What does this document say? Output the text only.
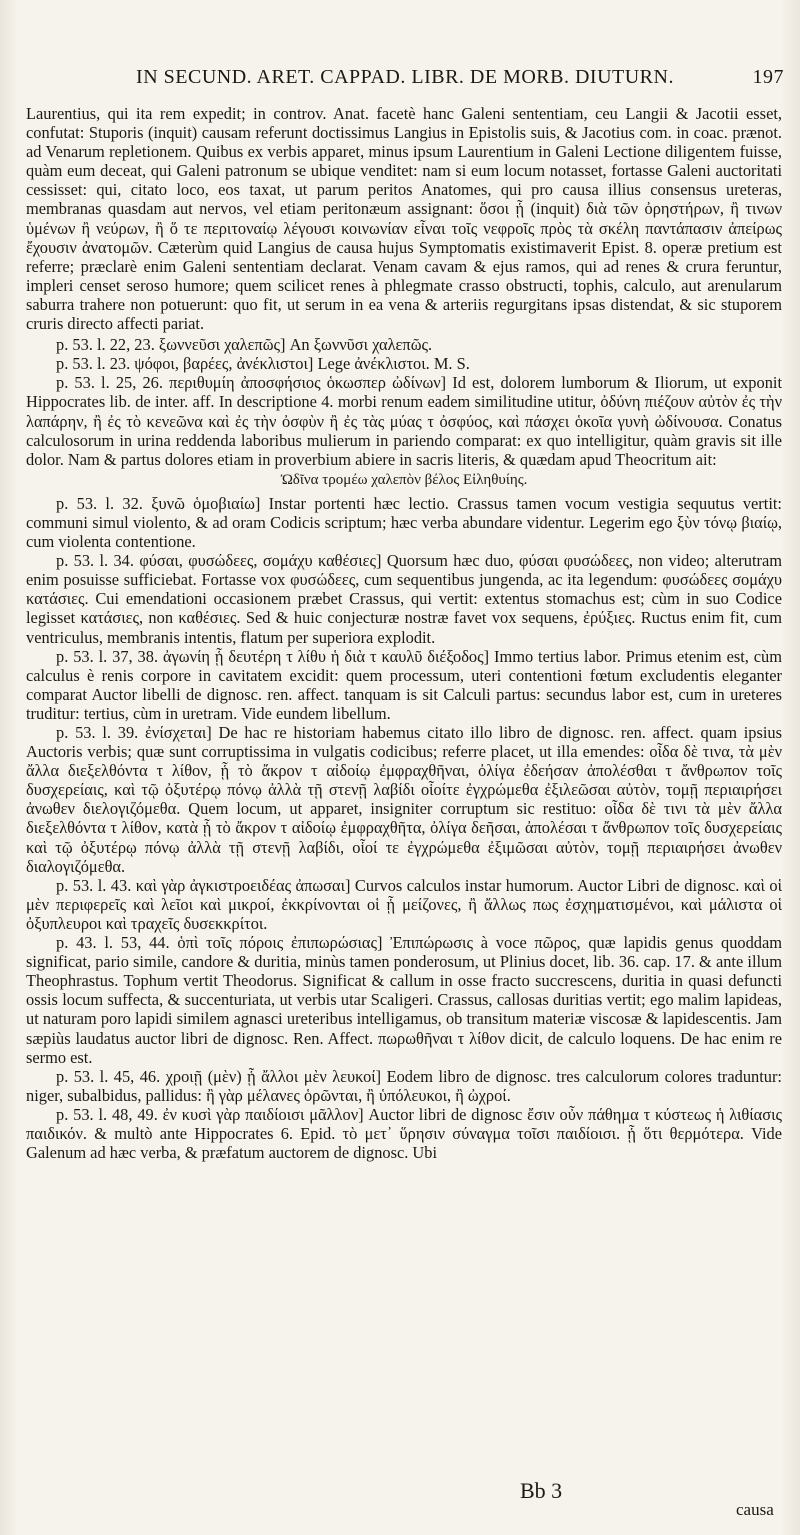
IN SECUND. ARET. CAPPAD. LIBR. DE MORB. DIUTURN.	197

Laurentius, qui ita rem expedit; in controv. Anat. facetè hanc Galeni sententiam, ceu Langii & Jacotii esset, confutat: Stuporis (inquit) causam referunt doctissimus Langius in Epistolis suis, & Jacotius com. in coac. prænot. ad Venarum repletionem. Quibus ex verbis apparet, minus ipsum Laurentium in Galeni Lectione diligentem fuisse, quàm eum deceat, qui Galeni patronum se ubique venditet: nam si eum locum notasset, fortasse Galeni auctoritati cessisset: qui, citato loco, eos taxat, ut parum peritos Anatomes, qui pro causa illius consensus ureteras, membranas quasdam aut nervos, vel etiam peritonæum assignant: ὅσοι ᾗ (inquit) διὰ τῶν ὀρηστήρων, ἢ τινων ὑμένων ἢ νεύρων, ἢ ὅ τε περιτοναίῳ λέγουσι κοινωνίαν εἶναι τοῖς νεφροῖς πρὸς τὰ σκέλη παντάπασιν ἀπείρως ἔχουσιν ἀνατομῶν. Cæterùm quid Langius de causa hujus Symptomatis existimaverit Epist. 8. operæ pretium est referre; præclarè enim Galeni sententiam declarat. Venam cavam & ejus ramos, qui ad renes & crura feruntur, impleri censet seroso humore; quem scilicet renes à phlegmate crasso obstructi, tophis, calculo, aut arenularum saburra trahere non potuerunt: quo fit, ut serum in ea vena & arteriis regurgitans ipsas distendat, & sic stuporem cruris directo affecti pariat.

p. 53. l. 22, 23. ξωννεῦσι χαλεπῶς] An ξωννῦσι χαλεπῶς.

p. 53. l. 23. ψόφοι, βαρέες, ἀνέκλιστοι] Lege ἀνέκλιστοι. M. S.

p. 53. l. 25, 26. περιθυμίη ἀποσφήσιος ὁκωσπερ ὠδίνων] Id est, dolorem lumborum & Iliorum, ut exponit Hippocrates lib. de inter. aff. In descriptione 4. morbi renum eadem similitudine utitur, ὀδύνη πιέζουν αὐτὸν ἐς τὴν λαπάρην, ἢ ἐς τὸ κενεῶνα καὶ ἐς τὴν ὀσφὺν ἢ ἐς τὰς μύας τ ὀσφύος, καὶ πάσχει ὁκοῖα γυνὴ ὠδίνουσα. Conatus calculosorum in urina reddenda laboribus mulierum in pariendo comparat: ex quo intelligitur, quàm gravis sit ille dolor. Nam & partus dolores etiam in proverbium abiere in sacris literis, & quædam apud Theocritum ait:

Ὠδῖνα τρομέω χαλεπὸν βέλος Εἰληθυίης.

p. 53. l. 32. ξυνῶ ὁμοβιαίω] Instar portenti hæc lectio. Crassus tamen vocum vestigia sequutus vertit: communi simul violento, & ad oram Codicis scriptum; hæc verba abundare videntur. Legerim ego ξὺν τόνῳ βιαίῳ, cum violenta contentione.

p. 53. l. 34. φύσαι, φυσώδεες, σομάχυ καθέσιες] Quorsum hæc duo, φύσαι φυσώδεες, non video; alterutram enim posuisse sufficiebat. Fortasse vox φυσώδεες, cum sequentibus jungenda, ac ita legendum: φυσώδεες σομάχυ κατάσιες. Cui emendationi occasionem præbet Crassus, qui vertit: extentus stomachus est; cùm in suo Codice legisset κατάσιες, non καθέσιες. Sed & huic conjecturæ nostræ favet vox sequens, ἐρύξιες. Ructus enim fit, cum ventriculus, membranis intentis, flatum per superiora explodit.

p. 53. l. 37, 38. ἀγωνίη ᾗ δευτέρη τ λίθυ ἡ διὰ τ καυλῦ διέξοδος] Immo tertius labor. Primus etenim est, cùm calculus è renis corpore in cavitatem excidit: quem processum, uteri contentioni fœtum excludentis eleganter comparat Auctor libelli de dignosc. ren. affect. tanquam is sit Calculi partus: secundus labor est, cum in ureteres truditur: tertius, cùm in uretram. Vide eundem libellum.

p. 53. l. 39. ἐνίσχεται] De hac re historiam habemus citato illo libro de dignosc. ren. affect. quam ipsius Auctoris verbis; quæ sunt corruptissima in vulgatis codicibus; referre placet, ut illa emendes: οἶδα δὲ τινα, τὰ μὲν ἄλλα διεξελθόντα τ λίθον, ᾗ τὸ ἄκρον τ αἰδοίῳ ἐμφραχθῆναι, ὀλίγα ἐδεήσαν ἀπολέσθαι τ ἄνθρωπον τοῖς δυσχερείαις, καὶ τῷ ὀξυτέρῳ πόνῳ ἀλλὰ τῇ στενῇ λαβίδι οἷοίτε ἐγχρώμεθα ἐξιλεῶσαι αὐτὸν, τομῇ περιαιρήσει ἀνωθεν διελογιζόμεθα. Quem locum, ut apparet, insigniter corruptum sic restituo: οἶδα δὲ τινι τὰ μὲν ἄλλα διεξελθόντα τ λίθον, κατὰ ᾗ τὸ ἄκρον τ αἰδοίῳ ἐμφραχθῆτα, ὀλίγα δεῆσαι, ἀπολέσαι τ ἄνθρωπον τοῖς δυσχερείαις καὶ τῷ ὀξυτέρῳ πόνῳ ἀλλὰ τῇ στενῇ λαβίδι, οἷοί τε ἐγχρώμεθα ἐξιμῶσαι αὐτὸν, τομῇ περιαιρήσει ἀνωθεν διαλογιζόμεθα.

p. 53. l. 43. καὶ γὰρ ἀγκιστροειδέας ἀπωσαι] Curvos calculos instar humorum. Auctor Libri de dignosc. καὶ οἱ μὲν περιφερεῖς καὶ λεῖοι καὶ μικροί, ἐκκρίνονται οἱ ᾗ μείζονες, ἢ ἄλλως πως ἐσχηματισμένοι, καὶ μάλιστα οἱ ὀξυπλευροι καὶ τραχεῖς δυσεκκρίτοι.

p. 43. l. 53, 44. ὁπὶ τοῖς πόροις ἐπιπωρώσιας] Ἐπιπώρωσις à voce πῶρος, quæ lapidis genus quoddam significat, pario simile, candore & duritia, minùs tamen ponderosum, ut Plinius docet, lib. 36. cap. 17. & ante illum Theophrastus. Tophum vertit Theodorus. Significat & callum in osse fracto succrescens, duritia in quasi defuncti ossis locum suffecta, & succenturiata, ut verbis utar Scaligeri. Crassus, callosas duritias vertit; ego malim lapideas, ut naturam poro lapidi similem agnasci ureteribus intelligamus, ob transitum materiæ viscosæ & lapidescentis. Jam sæpiùs laudatus auctor libri de dignosc. Ren. Affect. πωρωθῆναι τ λίθον dicit, de calculo loquens. De hac enim re sermo est.

p. 53. l. 45, 46. χροιῇ (μὲν) ᾗ ἄλλοι μὲν λευκοί] Eodem libro de dignosc. tres calculorum colores traduntur: niger, subalbidus, pallidus: ἢ γὰρ μέλανες ὁρῶνται, ἢ ὑπόλευκοι, ἢ ὠχροί.

p. 53. l. 48, 49. ἐν κυσὶ γὰρ παιδίοισι μᾶλλον] Auctor libri de dignosc ἔσιν οὖν πάθημα τ κύστεως ἡ λιθίασις παιδικόν. & multò ante Hippocrates 6. Epid. τὸ μετ᾽ ὕρησιν σύναγμα τοῖσι παιδίοισι. ᾗ ὅτι θερμότερα. Vide Galenum ad hæc verba, & præfatum auctorem de dignosc. Ubi

Bb 3
causa
